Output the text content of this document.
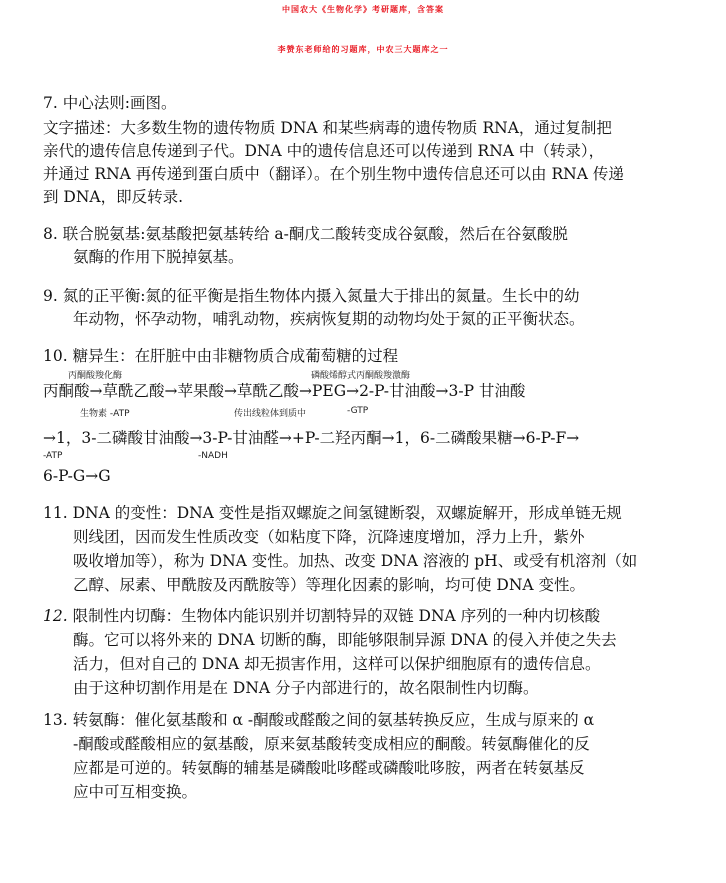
中国农大《生物化学》考研题库，含答案
李赞东老师给的习题库，中农三大题库之一
7. 中心法则:画图。
文字描述：大多数生物的遗传物质 DNA 和某些病毒的遗传物质 RNA，通过复制把
亲代的遗传信息传递到子代。DNA 中的遗传信息还可以传递到 RNA 中（转录），
并通过 RNA 再传递到蛋白质中（翻译）。在个别生物中遗传信息还可以由 RNA 传递
到 DNA，即反转录.
8. 联合脱氨基:氨基酸把氨基转给 a-酮戊二酸转变成谷氨酸，然后在谷氨酸脱
氨酶的作用下脱掉氨基。
9. 氮的正平衡:氮的征平衡是指生物体内摄入氮量大于排出的氮量。生长中的幼
年动物，怀孕动物，哺乳动物，疾病恢复期的动物均处于氮的正平衡状态。
10. 糖异生：在肝脏中由非糖物质合成葡萄糖的过程
丙酮酸羧化酶	磷酸烯醇式丙酮酸羧激酶
丙酮酸→草酰乙酸→苹果酸→草酰乙酸→PEG→2-P-甘油酸→3-P 甘油酸
生物素 -ATP	传出线粒体到质中	-GTP
→1，3-二磷酸甘油酸→3-P-甘油醛→+P-二羟丙酮→1，6-二磷酸果糖→6-P-F→
-ATP	-NADH
6-P-G→G
11. DNA 的变性：DNA 变性是指双螺旋之间氢键断裂，双螺旋解开，形成单链无规
则线团，因而发生性质改变（如粘度下降，沉降速度增加，浮力上升，紫外
吸收增加等），称为 DNA 变性。加热、改变 DNA 溶液的 pH、或受有机溶剂（如
乙醇、尿素、甲酰胺及丙酰胺等）等理化因素的影响，均可使 DNA 变性。
12. 限制性内切酶：生物体内能识别并切割特异的双链 DNA 序列的一种内切核酸
酶。它可以将外来的 DNA 切断的酶，即能够限制异源 DNA 的侵入并使之失去
活力，但对自己的 DNA 却无损害作用，这样可以保护细胞原有的遗传信息。
由于这种切割作用是在 DNA 分子内部进行的，故名限制性内切酶。
13. 转氨酶：催化氨基酸和 α -酮酸或醛酸之间的氨基转换反应，生成与原来的 α
-酮酸或醛酸相应的氨基酸，原来氨基酸转变成相应的酮酸。转氨酶催化的反
应都是可逆的。转氨酶的辅基是磷酸吡哆醛或磷酸吡哆胺，两者在转氨基反
应中可互相变换。
